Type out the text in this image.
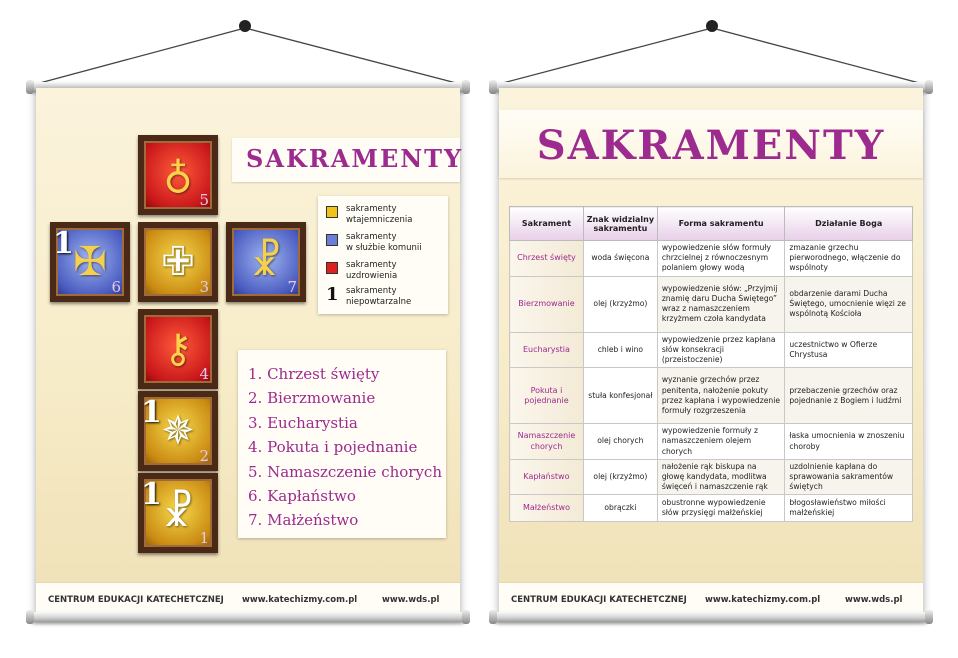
SAKRAMENTY
♁
5
✠
1
6
✙
3
☧
7
⚷
4
✵
1
2
☧
1
1
sakramenty
wtajemniczenia
sakramenty
w służbie komunii
sakramenty
uzdrowienia
1 sakramenty
niepowtarzalne
1. Chrzest święty
2. Bierzmowanie
3. Eucharystia
4. Pokuta i pojednanie
5. Namaszczenie chorych
6. Kapłaństwo
7. Małżeństwo
CENTRUM EDUKACJI KATECHETCZNEJ www.katechizmy.com.pl	www.wds.pl
SAKRAMENTY
Sakrament	Znak widzialny sakramentu	Forma sakramentu	Działanie Boga
Chrzest święty	woda święcona	wypowiedzenie słów formuły chrzcielnej z równoczesnym polaniem głowy wodą	zmazanie grzechu pierworodnego, włączenie do wspólnoty
Bierzmowanie	olej (krzyżmo)	wypowiedzenie słów: „Przyjmij znamię daru Ducha Świętego” wraz z namaszczeniem krzyżmem czoła kandydata	obdarzenie darami Ducha Świętego, umocnienie więzi ze wspólnotą Kościoła
Eucharystia	chleb i wino	wypowiedzenie przez kapłana słów konsekracji (przeistoczenie)	uczestnictwo w Ofierze Chrystusa
Pokuta i pojednanie	stuła konfesjonał	wyznanie grzechów przez penitenta, nałożenie pokuty przez kapłana i wypowiedzenie formuły rozgrzeszenia	przebaczenie grzechów oraz pojednanie z Bogiem i ludźmi
Namaszczenie chorych	olej chorych	wypowiedzenie formuły z namaszczeniem olejem chorych	łaska umocnienia w znoszeniu choroby
Kapłaństwo	olej (krzyżmo)	nałożenie rąk biskupa na głowę kandydata, modlitwa święceń i namaszczenie rąk	uzdolnienie kapłana do sprawowania sakramentów świętych
Małżeństwo	obrączki	obustronne wypowiedzenie słów przysięgi małżeńskiej	błogosławieństwo miłości małżeńskiej
CENTRUM EDUKACJI KATECHETCZNEJ www.katechizmy.com.pl	www.wds.pl
